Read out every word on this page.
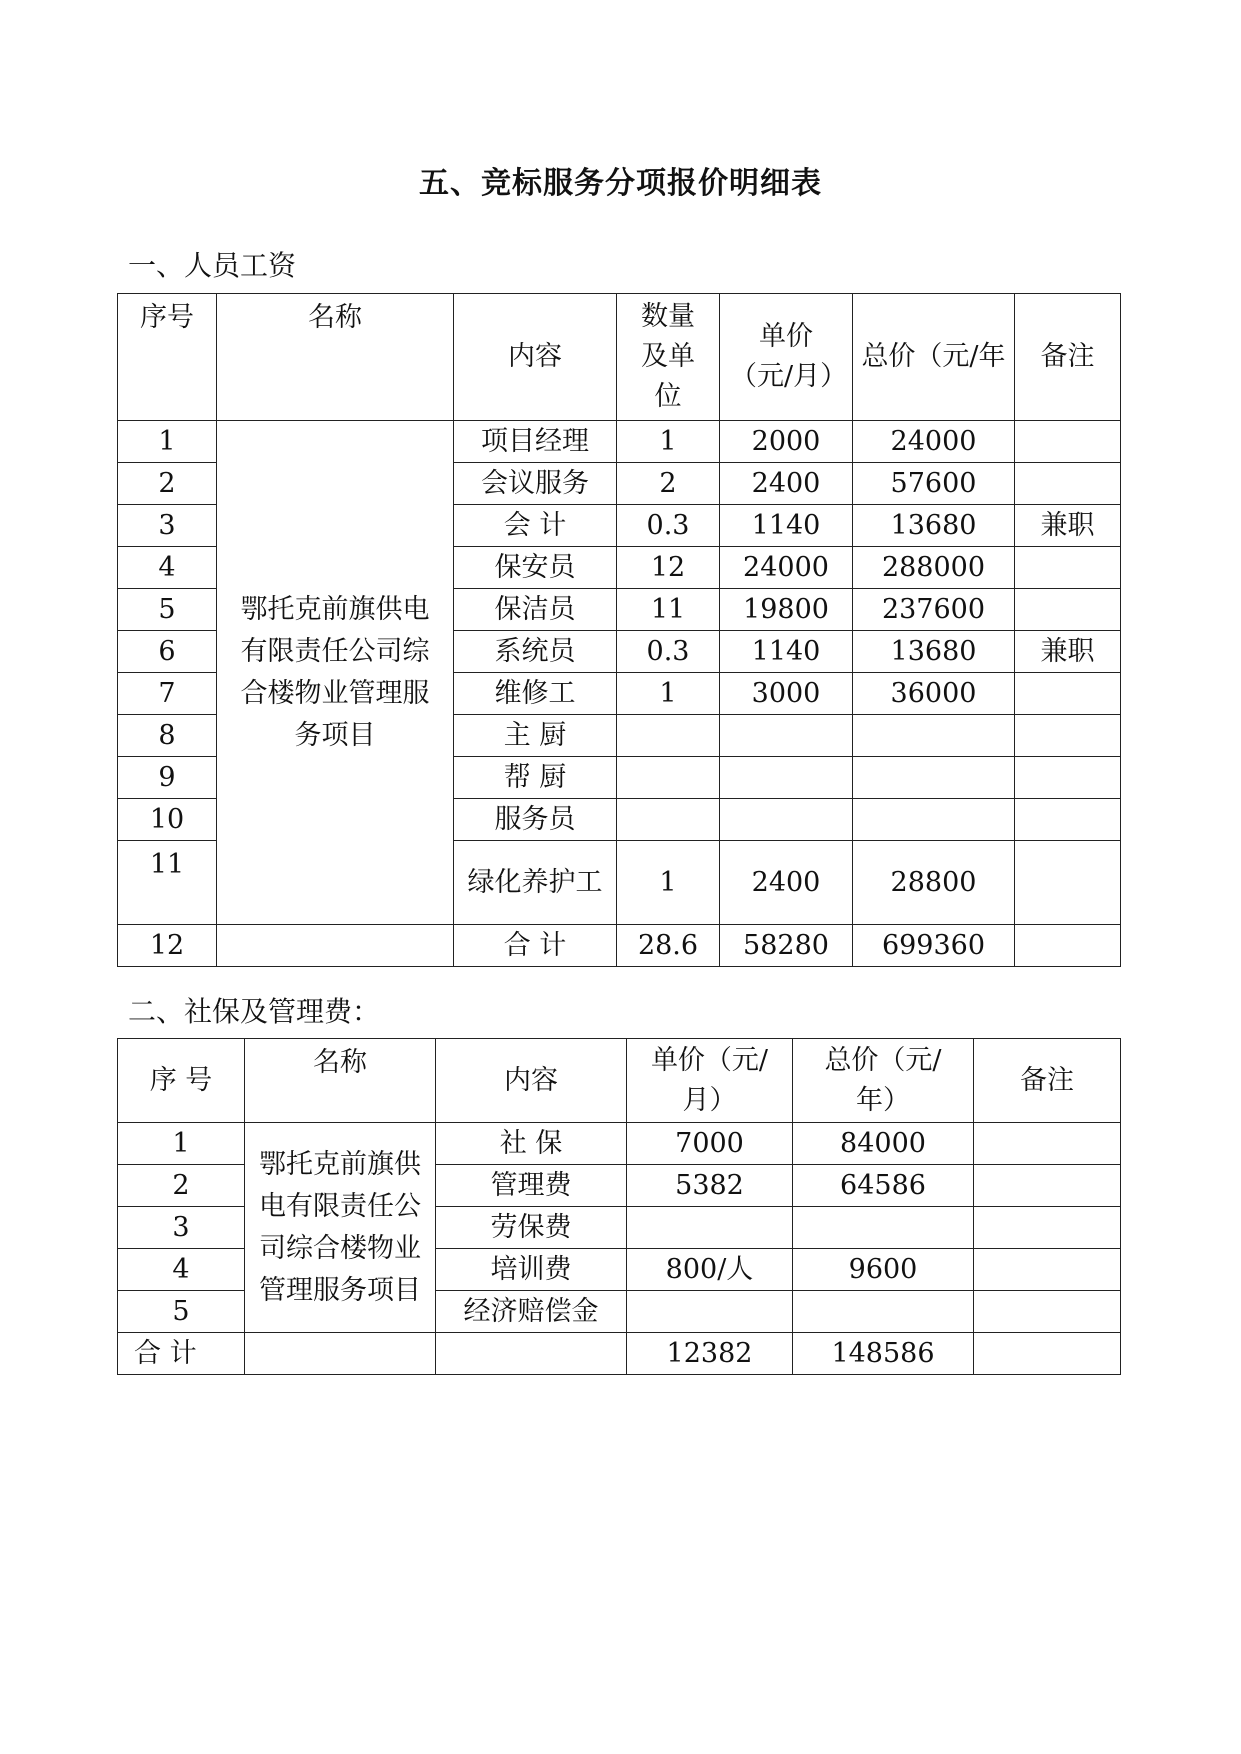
五、竞标服务分项报价明细表
一、人员工资
序号	名称	内容	数量及单位	单价（元/月）	总价（元/年	备注
1	鄂托克前旗供电有限责任公司综合楼物业管理服务项目	项目经理	1	2000	24000	
2		会议服务	2	2400	57600	
3		会 计	0.3	1140	13680	兼职
4		保安员	12	24000	288000	
5		保洁员	11	19800	237600	
6		系统员	0.3	1140	13680	兼职
7		维修工	1	3000	36000	
8		主 厨				
9		帮 厨				
10		服务员				
11		绿化养护工	1	2400	28800	
12		合 计	28.6	58280	699360	
二、社保及管理费：
序 号	名称	内容	单价（元/月）	总价（元/年）	备注
1	鄂托克前旗供电有限责任公司综合楼物业管理服务项目	社 保	7000	84000	
2		管理费	5382	64586	
3		劳保费			
4		培训费	800/人	9600	
5		经济赔偿金			
合 计			12382	148586	
